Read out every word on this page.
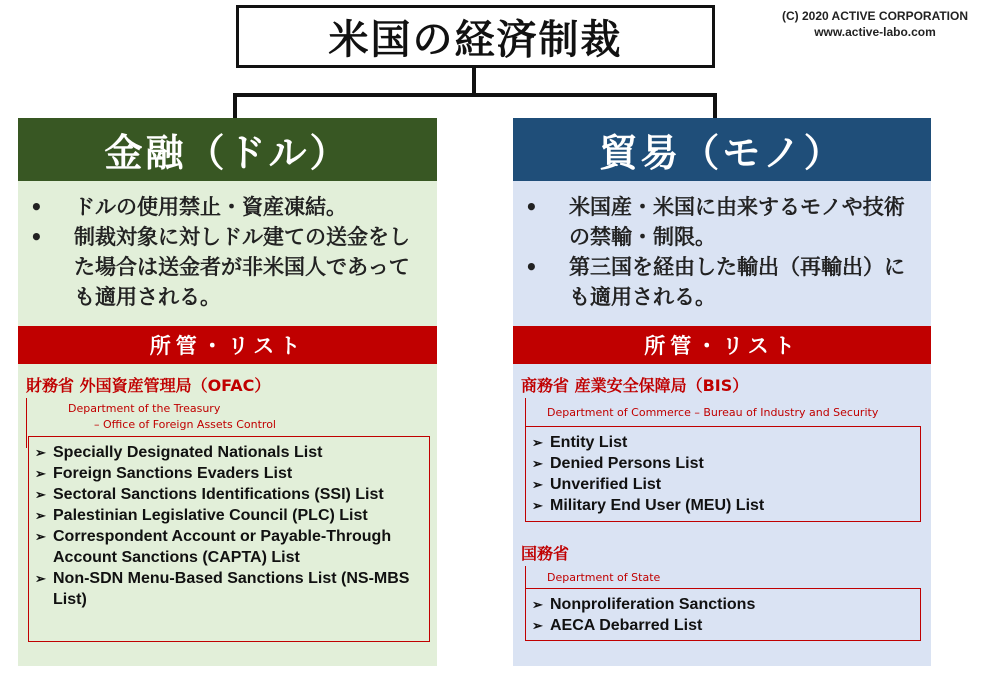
米国の経済制裁	(C) 2020 ACTIVE CORPORATION
www.active-labo.com
金融（ドル）
• ドルの使用禁止・資産凍結。
• 制裁対象に対しドル建ての送金をした場合は送金者が非米国人であっても適用される。
所管・リスト
財務省 外国資産管理局（OFAC）
Department of the Treasury
– Office of Foreign Assets Control
➢ Specially Designated Nationals List
➢ Foreign Sanctions Evaders List
➢ Sectoral Sanctions Identifications (SSI) List
➢ Palestinian Legislative Council (PLC) List
➢ Correspondent Account or Payable-Through Account Sanctions (CAPTA) List
➢ Non-SDN Menu-Based Sanctions List (NS-MBS List)
貿易（モノ）
• 米国産・米国に由来するモノや技術の禁輸・制限。
• 第三国を経由した輸出（再輸出）にも適用される。
所管・リスト
商務省 産業安全保障局（BIS）
Department of Commerce – Bureau of Industry and Security
➢ Entity List
➢ Denied Persons List
➢ Unverified List
➢ Military End User (MEU) List
国務省
Department of State
➢ Nonproliferation Sanctions
➢ AECA Debarred List
